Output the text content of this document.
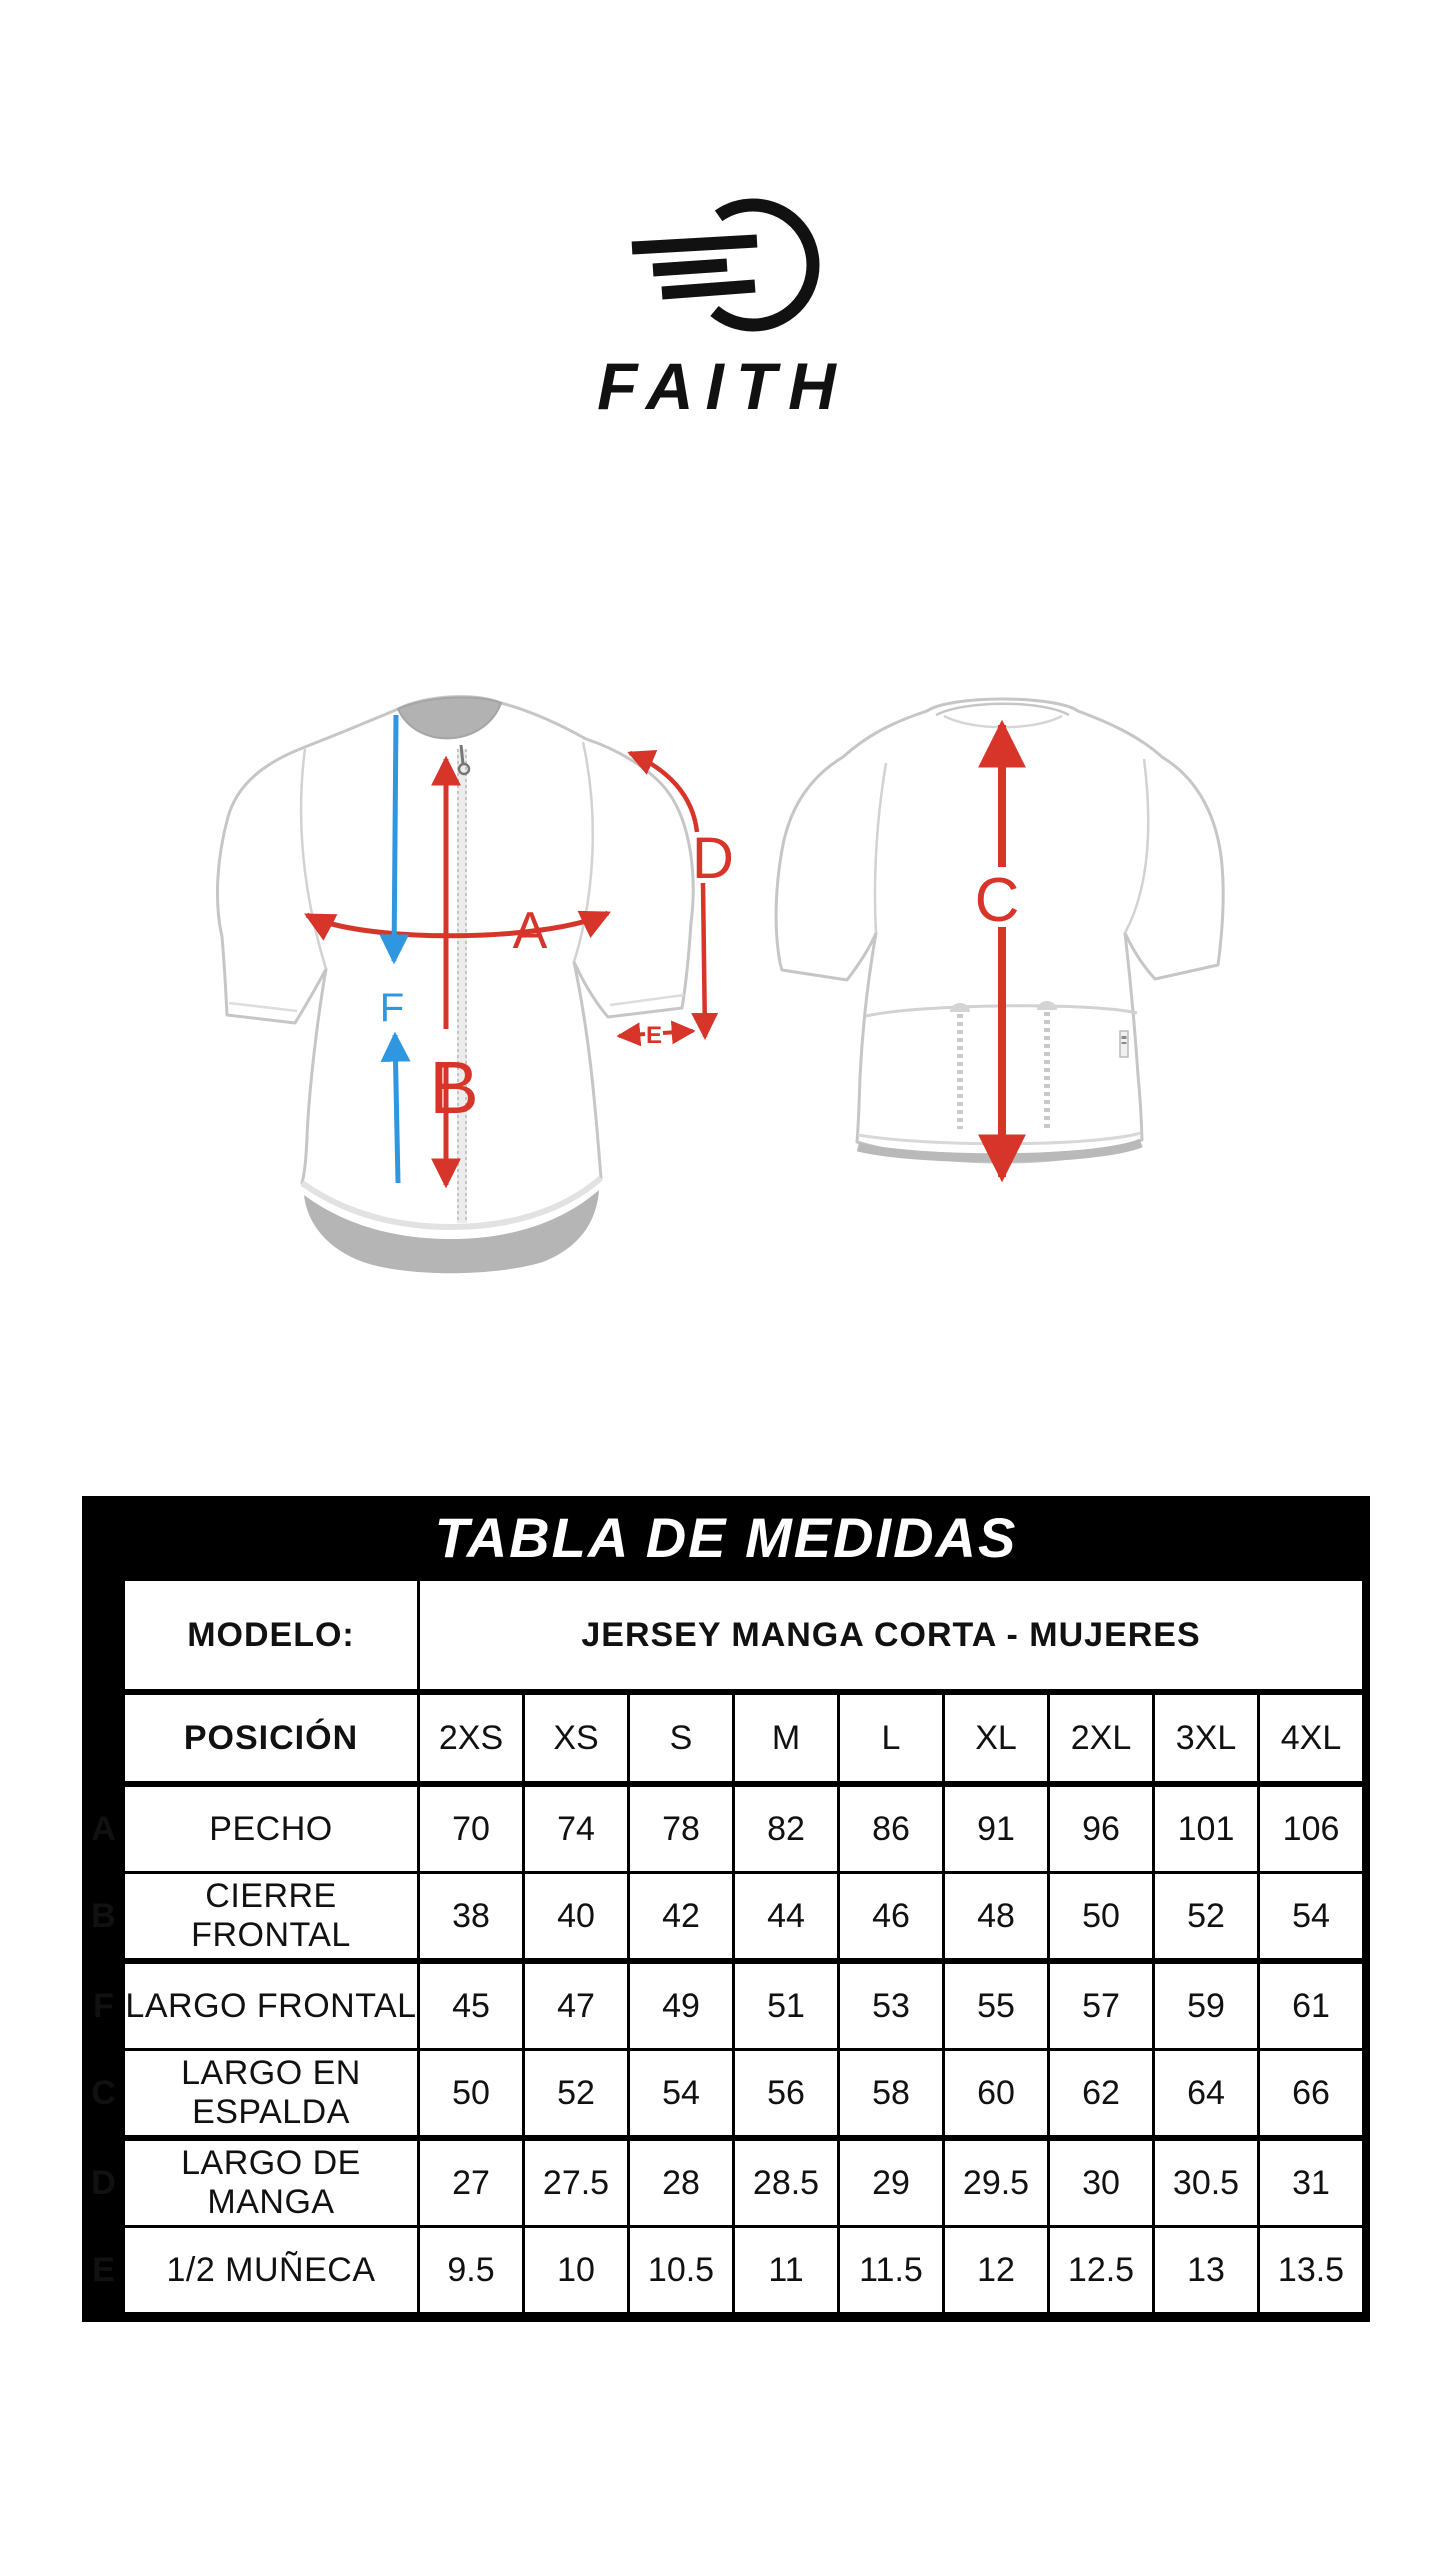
FAITH
A
B
F
D
E
C
TABLA DE MEDIDAS
	MODELO:	JERSEY MANGA CORTA - MUJERES								
	POSICIÓN	2XS	XS	S	M	L	XL	2XL	3XL	4XL
A	PECHO	70	74	78	82	86	91	96	101	106
B	CIERRE FRONTAL	38	40	42	44	46	48	50	52	54
F	LARGO FRONTAL	45	47	49	51	53	55	57	59	61
C	LARGO EN ESPALDA	50	52	54	56	58	60	62	64	66
D	LARGO DE MANGA	27	27.5	28	28.5	29	29.5	30	30.5	31
E	1/2 MUÑECA	9.5	10	10.5	11	11.5	12	12.5	13	13.5
